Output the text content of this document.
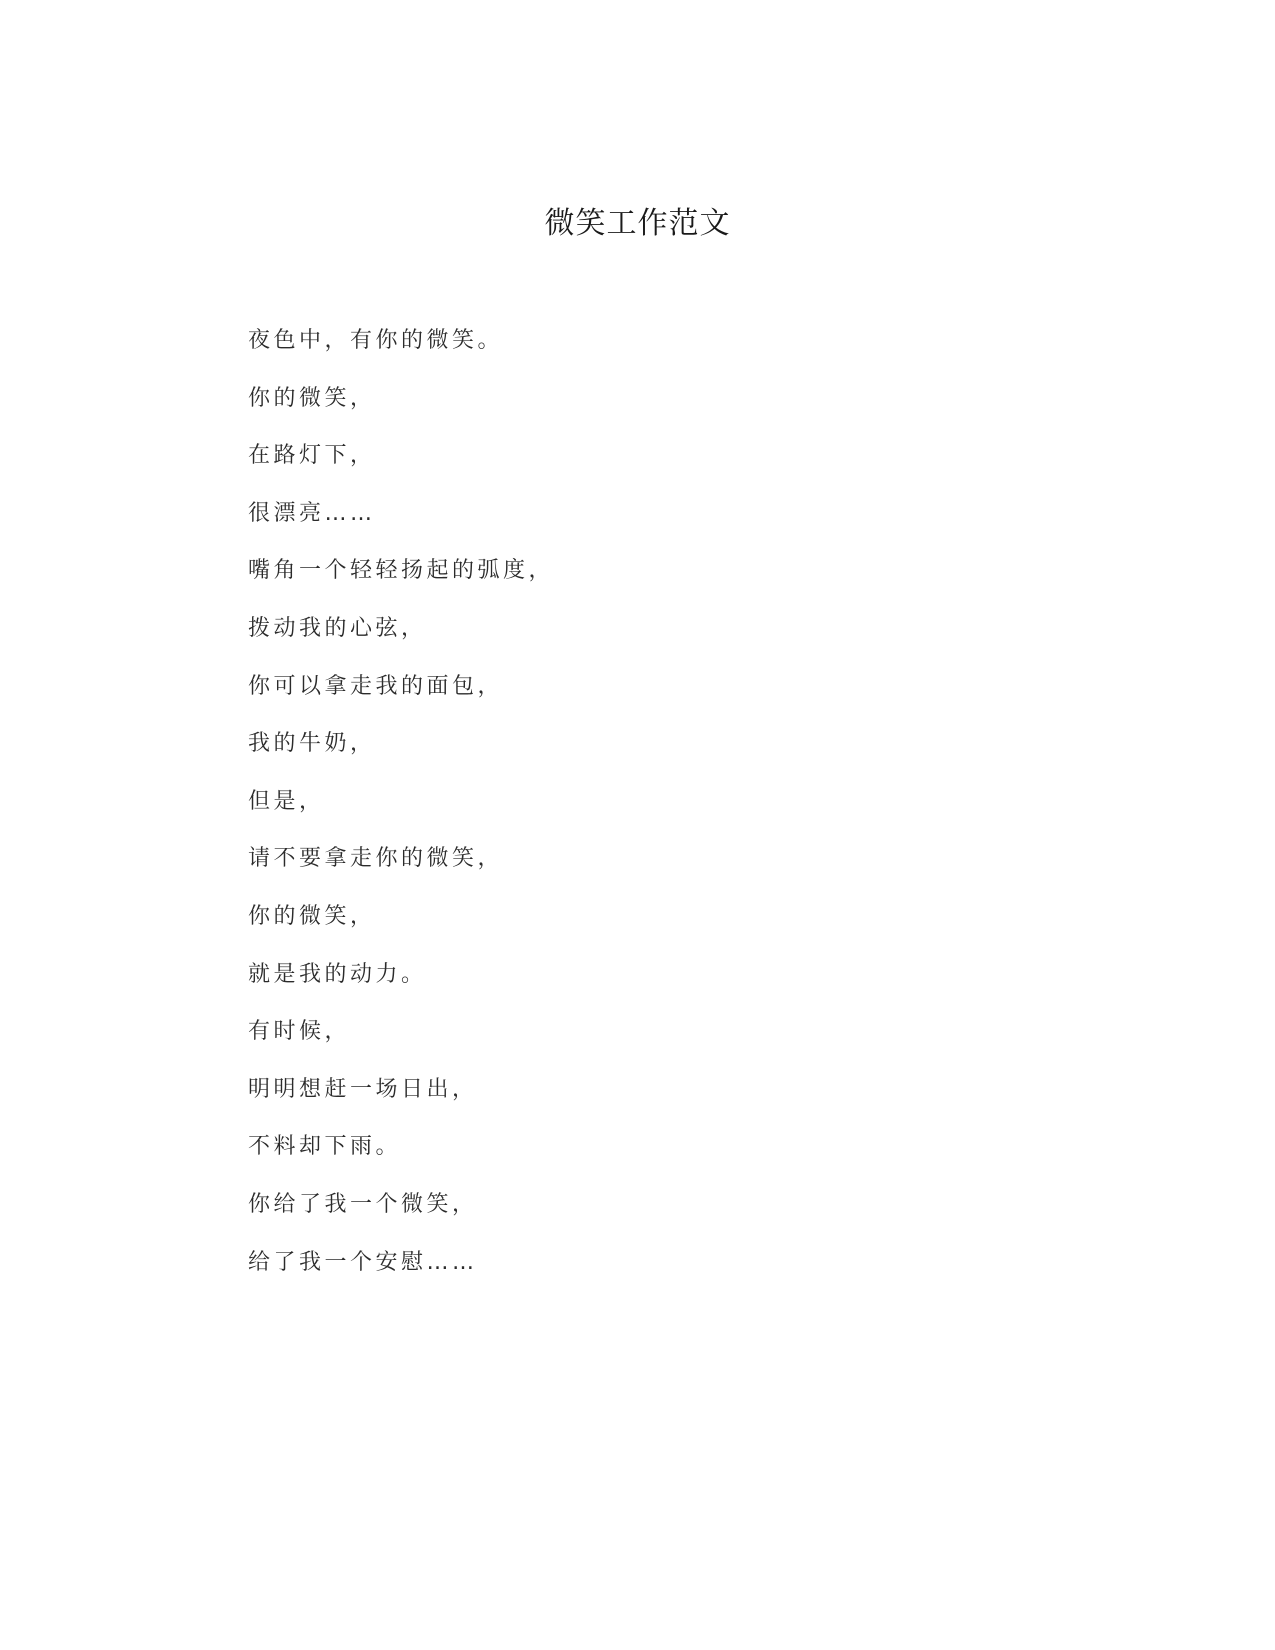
微笑工作范文
夜色中，有你的微笑。
你的微笑，
在路灯下，
很漂亮……
嘴角一个轻轻扬起的弧度，
拨动我的心弦，
你可以拿走我的面包，
我的牛奶，
但是，
请不要拿走你的微笑，
你的微笑，
就是我的动力。
有时候，
明明想赶一场日出，
不料却下雨。
你给了我一个微笑，
给了我一个安慰……
